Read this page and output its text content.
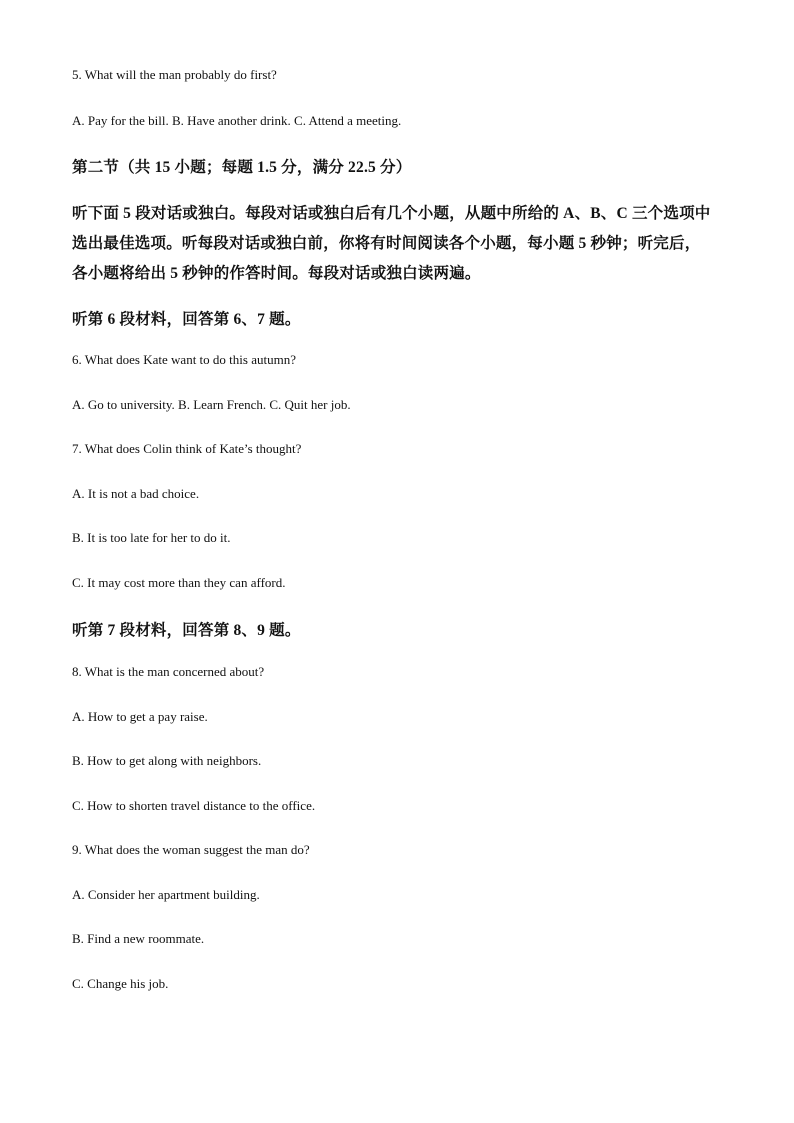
5. What will the man probably do first?

A. Pay for the bill. B. Have another drink. C. Attend a meeting.

第二节（共 15 小题；每题 1.5 分，满分 22.5 分）

听下面 5 段对话或独白。每段对话或独白后有几个小题，从题中所给的 A、B、C 三个选项中

选出最佳选项。听每段对话或独白前，你将有时间阅读各个小题，每小题 5 秒钟；听完后，

各小题将给出 5 秒钟的作答时间。每段对话或独白读两遍。

听第 6 段材料，回答第 6、7 题。

6. What does Kate want to do this autumn?

A. Go to university. B. Learn French. C. Quit her job.

7. What does Colin think of Kate’s thought?

A. It is not a bad choice.

B. It is too late for her to do it.

C. It may cost more than they can afford.

听第 7 段材料，回答第 8、9 题。

8. What is the man concerned about?

A. How to get a pay raise.

B. How to get along with neighbors.

C. How to shorten travel distance to the office.

9. What does the woman suggest the man do?

A. Consider her apartment building.

B. Find a new roommate.

C. Change his job.
